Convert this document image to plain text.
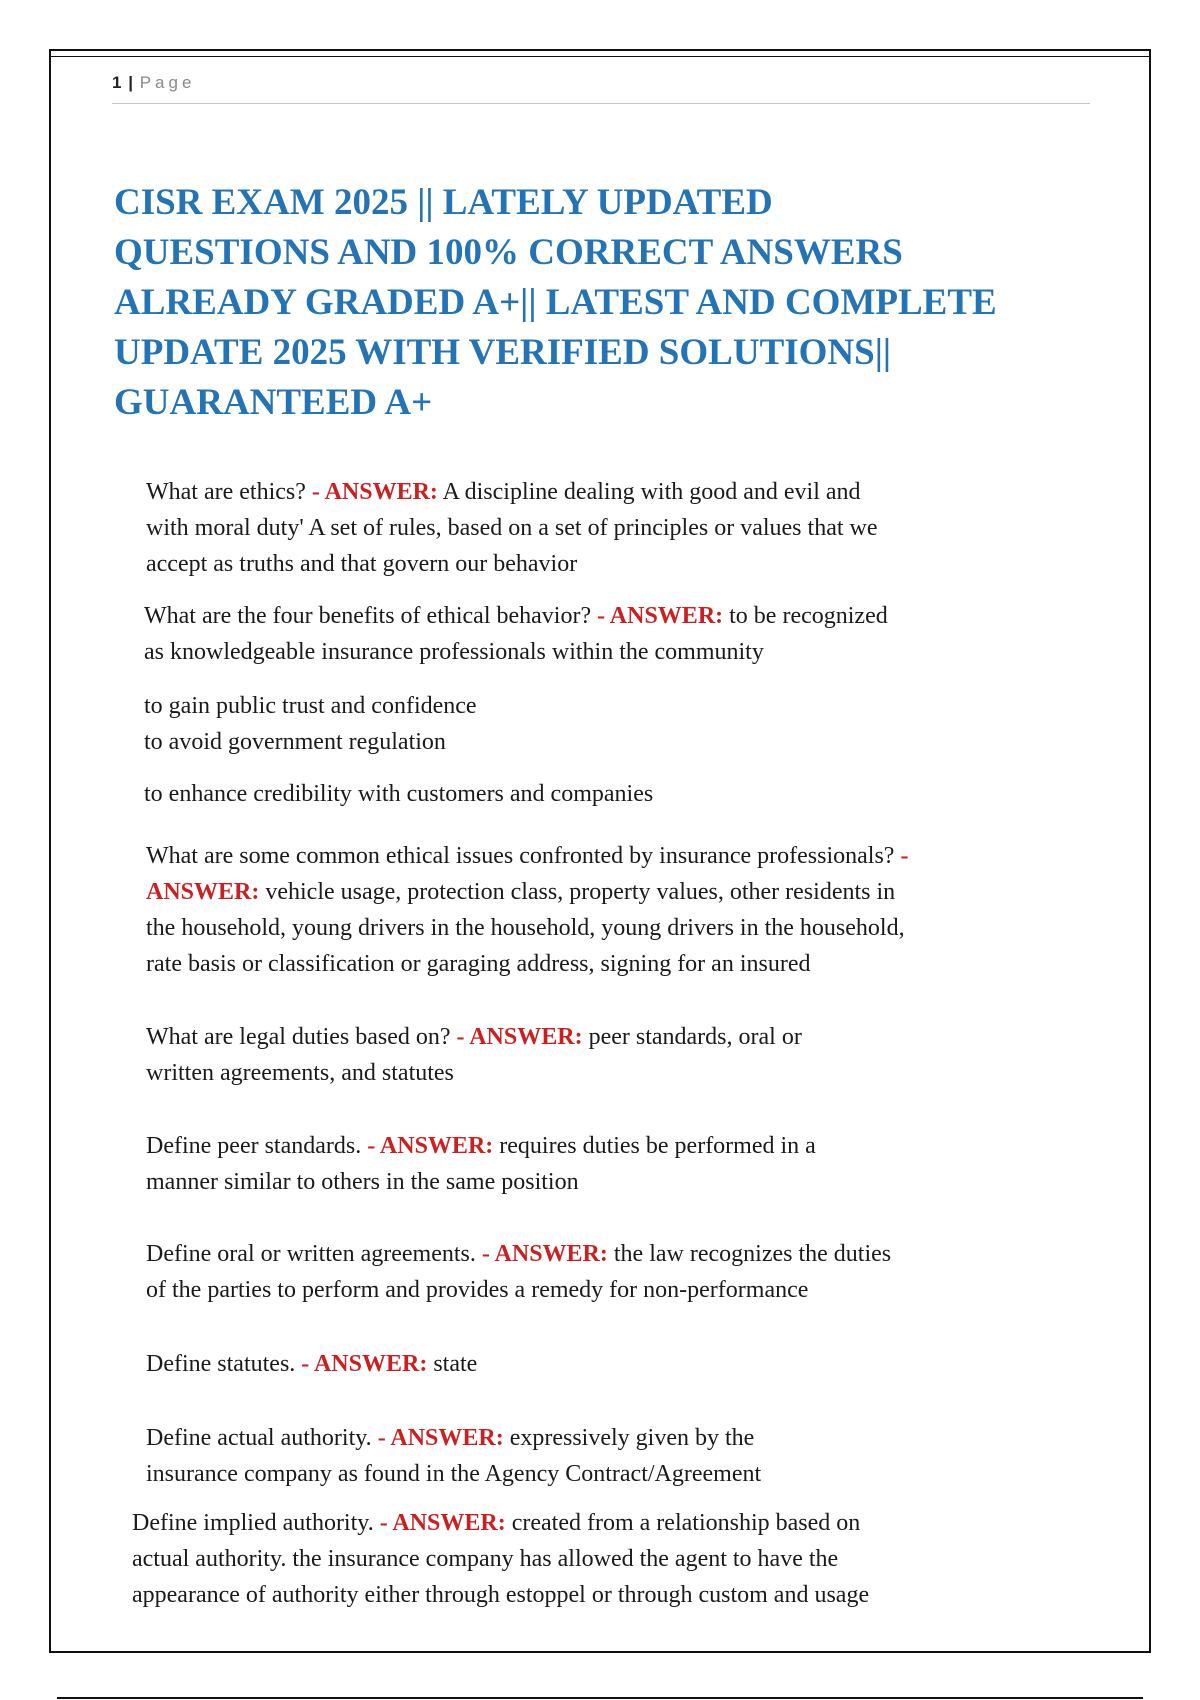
1 | Page
CISR EXAM 2025 || LATELY UPDATED
QUESTIONS AND 100% CORRECT ANSWERS
ALREADY GRADED A+|| LATEST AND COMPLETE
UPDATE 2025 WITH VERIFIED SOLUTIONS||
GUARANTEED A+
What are ethics? - ANSWER: A discipline dealing with good and evil and
with moral duty' A set of rules, based on a set of principles or values that we
accept as truths and that govern our behavior
What are the four benefits of ethical behavior? - ANSWER: to be recognized
as knowledgeable insurance professionals within the community
to gain public trust and confidence
to avoid government regulation
to enhance credibility with customers and companies
What are some common ethical issues confronted by insurance professionals? -
ANSWER: vehicle usage, protection class, property values, other residents in
the household, young drivers in the household, young drivers in the household,
rate basis or classification or garaging address, signing for an insured
What are legal duties based on? - ANSWER: peer standards, oral or
written agreements, and statutes
Define peer standards. - ANSWER: requires duties be performed in a
manner similar to others in the same position
Define oral or written agreements. - ANSWER: the law recognizes the duties
of the parties to perform and provides a remedy for non-performance
Define statutes. - ANSWER: state
Define actual authority. - ANSWER: expressively given by the
insurance company as found in the Agency Contract/Agreement
Define implied authority. - ANSWER: created from a relationship based on
actual authority. the insurance company has allowed the agent to have the
appearance of authority either through estoppel or through custom and usage
